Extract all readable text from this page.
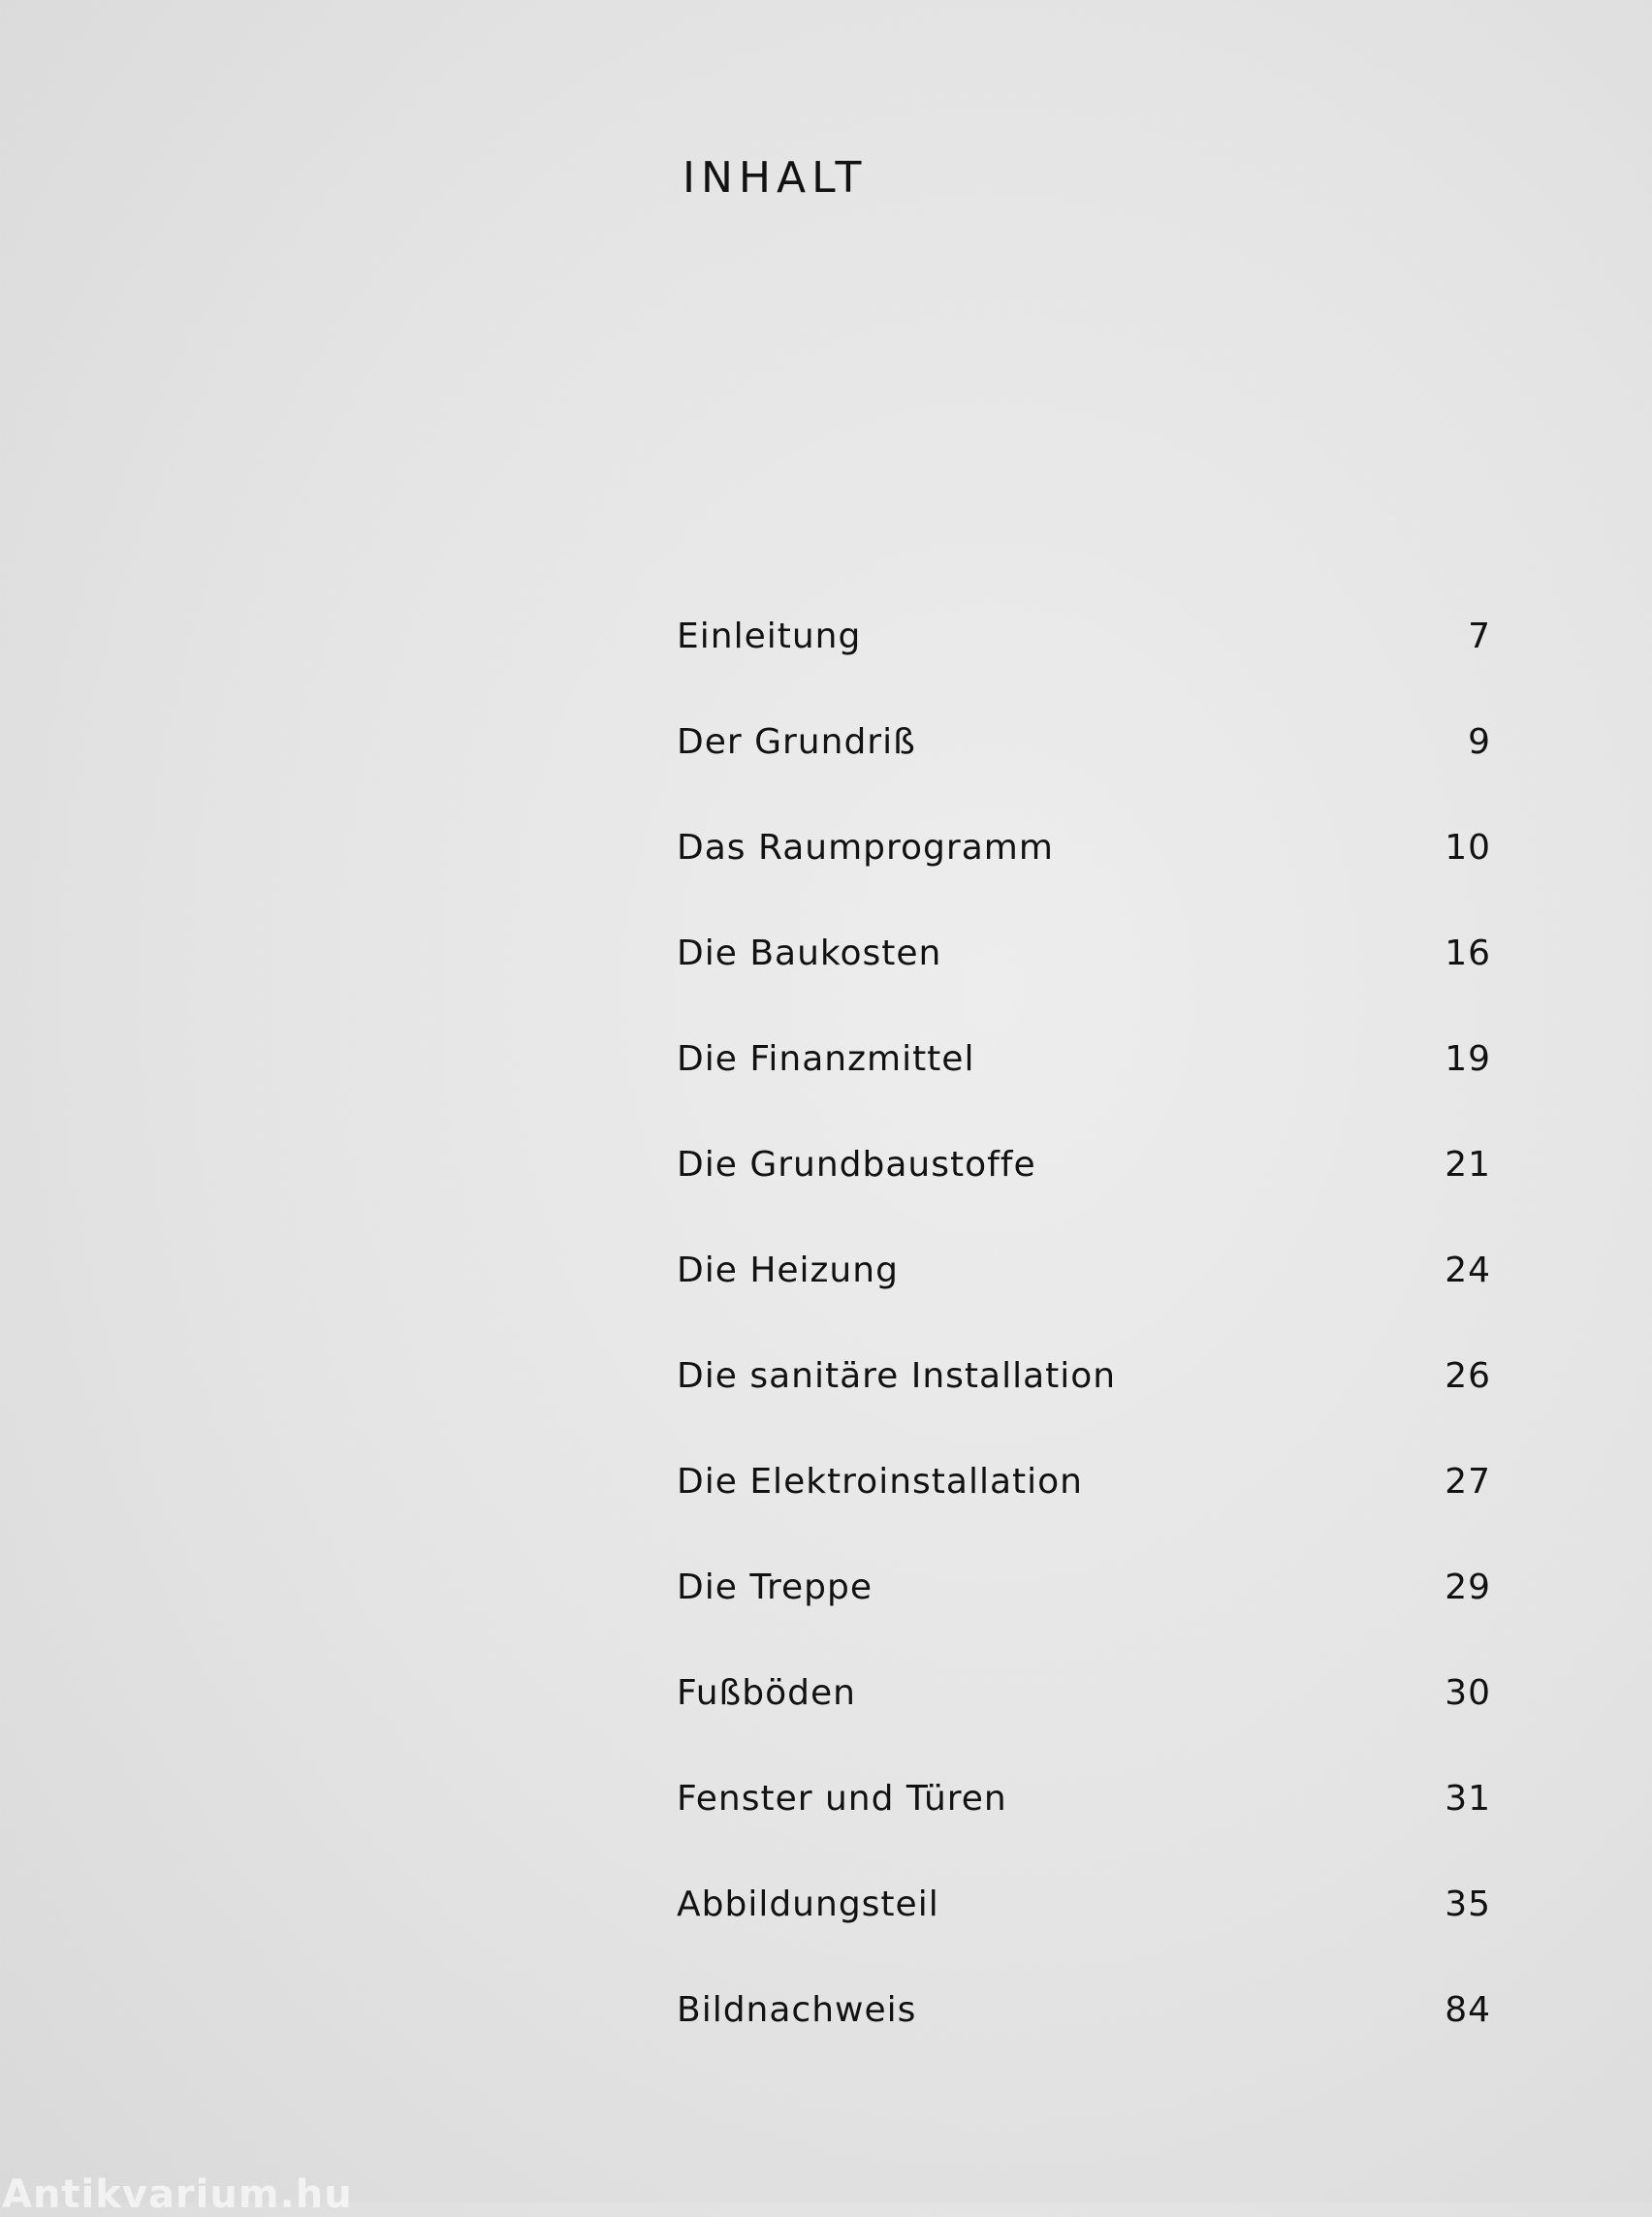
INHALT
Einleitung	7
Der Grundriß	9
Das Raumprogramm	10
Die Baukosten	16
Die Finanzmittel	19
Die Grundbaustoffe	21
Die Heizung	24
Die sanitäre Installation	26
Die Elektroinstallation	27
Die Treppe	29
Fußböden	30
Fenster und Türen	31
Abbildungsteil	35
Bildnachweis	84
Antikvarium.hu
